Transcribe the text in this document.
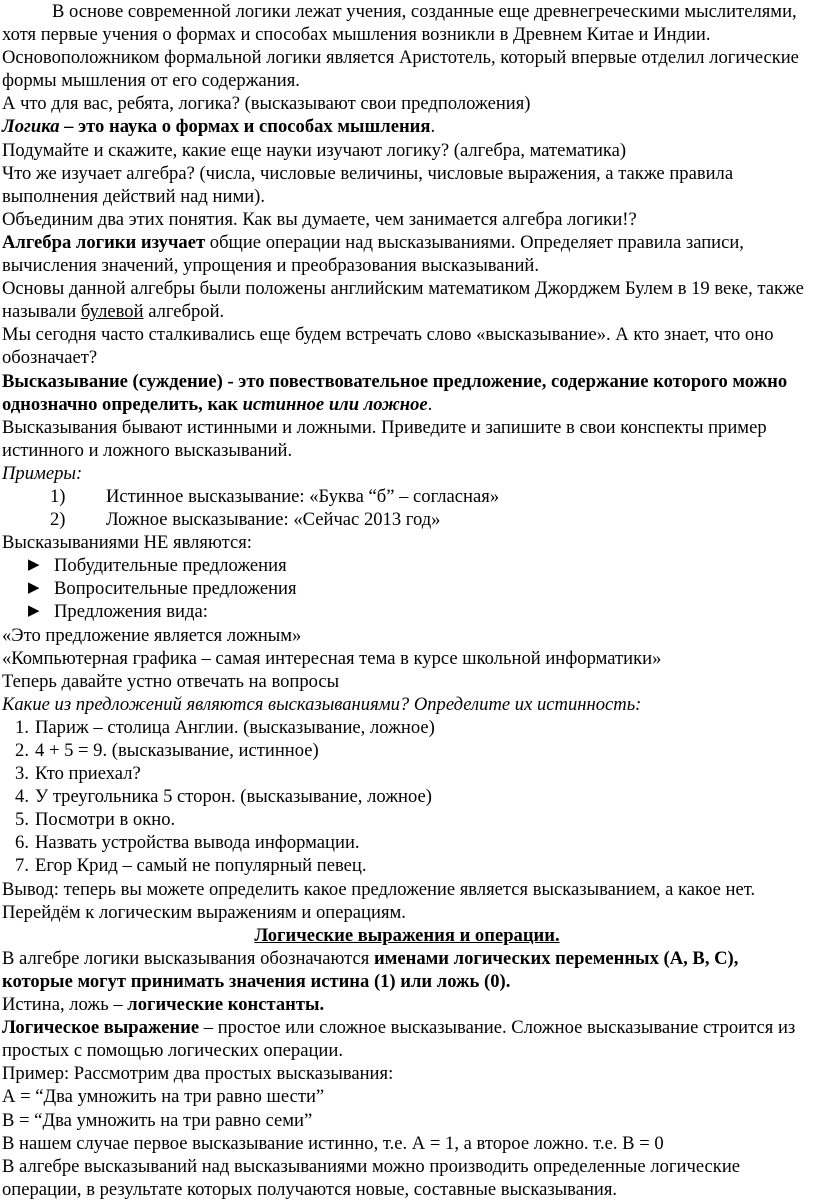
В основе современной логики лежат учения, созданные еще древнегреческими мыслителями, хотя первые учения о формах и способах мышления возникли в Древнем Китае и Индии. Основоположником формальной логики является Аристотель, который впервые отделил логические формы мышления от его содержания.

А что для вас, ребята, логика? (высказывают свои предположения)

Логика – это наука о формах и способах мышления.

Подумайте и скажите, какие еще науки изучают логику? (алгебра, математика)

Что же изучает алгебра? (числа, числовые величины, числовые выражения, а также правила выполнения действий над ними).

Объединим два этих понятия. Как вы думаете, чем занимается алгебра логики!?

Алгебра логики изучает общие операции над высказываниями. Определяет правила записи, вычисления значений, упрощения и преобразования высказываний.

Основы данной алгебры были положены английским математиком Джорджем Булем в 19 веке, также называли булевой алгеброй.

Мы сегодня часто сталкивались еще будем встречать слово «высказывание». А кто знает, что оно обозначает?

Высказывание (суждение) - это повествовательное предложение, содержание которого можно однозначно определить, как истинное или ложное.

Высказывания бывают истинными и ложными. Приведите и запишите в свои конспекты пример истинного и ложного высказываний.

Примеры:

1)	Истинное высказывание: «Буква “б” – согласная»
2)	Ложное высказывание: «Сейчас 2013 год»

Высказываниями НЕ являются:

▶ Побудительные предложения
▶ Вопросительные предложения
▶ Предложения вида:

«Это предложение является ложным»

«Компьютерная графика – самая интересная тема в курсе школьной информатики»

Теперь давайте устно отвечать на вопросы

Какие из предложений являются высказываниями? Определите их истинность:

1. Париж – столица Англии. (высказывание, ложное)
2. 4 + 5 = 9. (высказывание, истинное)
3. Кто приехал?
4. У треугольника 5 сторон. (высказывание, ложное)
5. Посмотри в окно.
6. Назвать устройства вывода информации.
7. Егор Крид – самый не популярный певец.

Вывод: теперь вы можете определить какое предложение является высказыванием, а какое нет. Перейдём к логическим выражениям и операциям.

Логические выражения и операции.

В алгебре логики высказывания обозначаются именами логических переменных (А, В, С), которые могут принимать значения истина (1) или ложь (0).

Истина, ложь – логические константы.

Логическое выражение – простое или сложное высказывание. Сложное высказывание строится из простых с помощью логических операции.

Пример: Рассмотрим два простых высказывания:

А = “Два умножить на три равно шести”

В = “Два умножить на три равно семи”

В нашем случае первое высказывание истинно, т.е. А = 1, а второе ложно. т.е. В = 0

В алгебре высказываний над высказываниями можно производить определенные логические операции, в результате которых получаются новые, составные высказывания.
